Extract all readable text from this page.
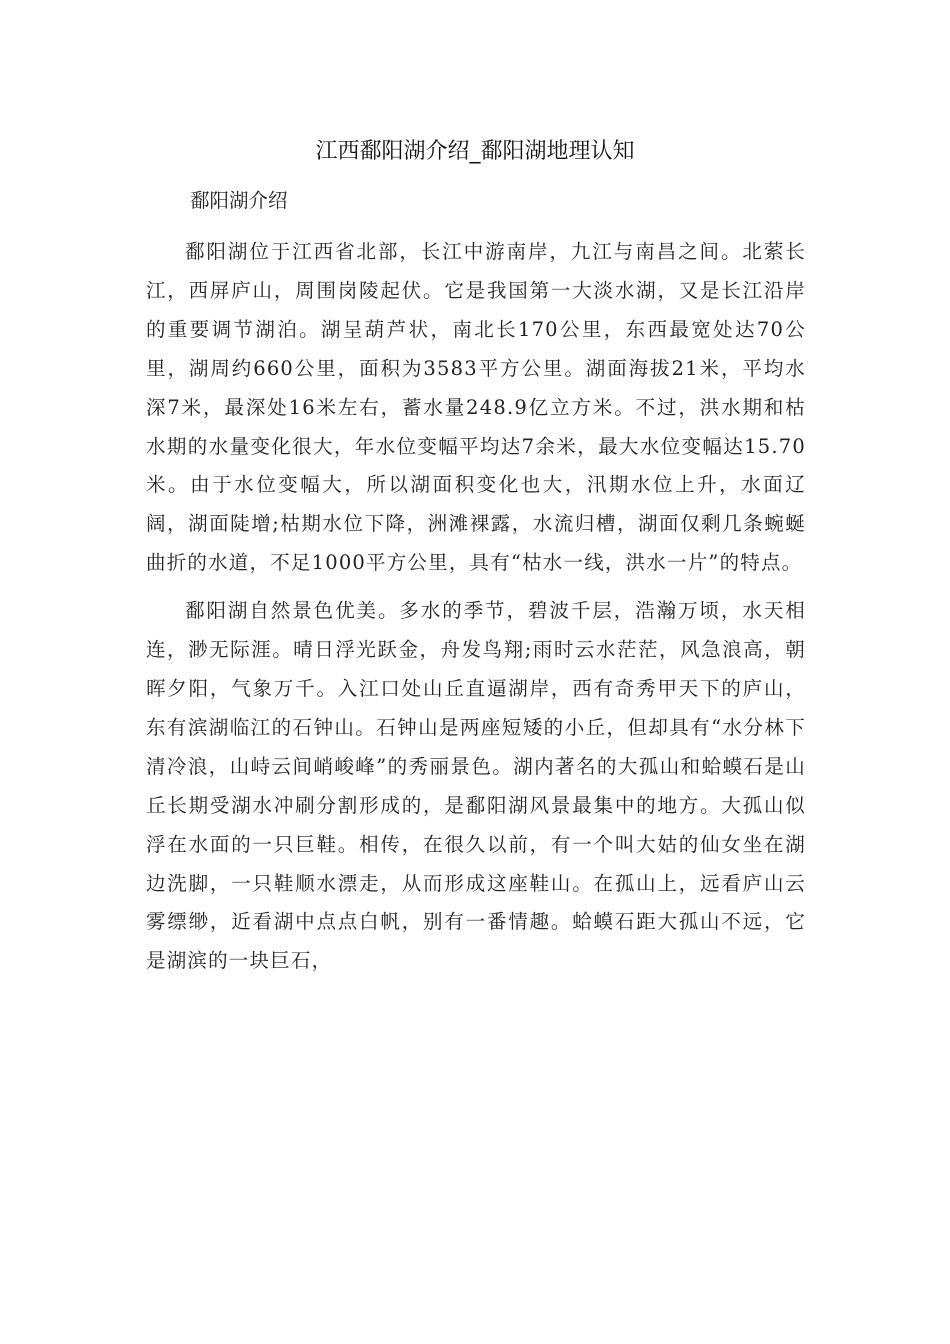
江西鄱阳湖介绍_鄱阳湖地理认知

鄱阳湖介绍

鄱阳湖位于江西省北部，长江中游南岸，九江与南昌之间。北萦长江，西屏庐山，周围岗陵起伏。它是我国第一大淡水湖，又是长江沿岸的重要调节湖泊。湖呈葫芦状，南北长170公里，东西最宽处达70公里，湖周约660公里，面积为3583平方公里。湖面海拔21米，平均水深7米，最深处16米左右，蓄水量248.9亿立方米。不过，洪水期和枯水期的水量变化很大，年水位变幅平均达7余米，最大水位变幅达15.70米。由于水位变幅大，所以湖面积变化也大，汛期水位上升，水面辽阔，湖面陡增;枯期水位下降，洲滩裸露，水流归槽，湖面仅剩几条蜿蜒曲折的水道，不足1000平方公里，具有“枯水一线，洪水一片”的特点。

鄱阳湖自然景色优美。多水的季节，碧波千层，浩瀚万顷，水天相连，渺无际涯。晴日浮光跃金，舟发鸟翔;雨时云水茫茫，风急浪高，朝晖夕阳，气象万千。入江口处山丘直逼湖岸，西有奇秀甲天下的庐山，东有滨湖临江的石钟山。石钟山是两座短矮的小丘，但却具有“水分林下清冷浪，山峙云间峭峻峰”的秀丽景色。湖内著名的大孤山和蛤蟆石是山丘长期受湖水冲刷分割形成的，是鄱阳湖风景最集中的地方。大孤山似浮在水面的一只巨鞋。相传，在很久以前，有一个叫大姑的仙女坐在湖边洗脚，一只鞋顺水漂走，从而形成这座鞋山。在孤山上，远看庐山云雾缥缈，近看湖中点点白帆，别有一番情趣。蛤蟆石距大孤山不远，它是湖滨的一块巨石，
